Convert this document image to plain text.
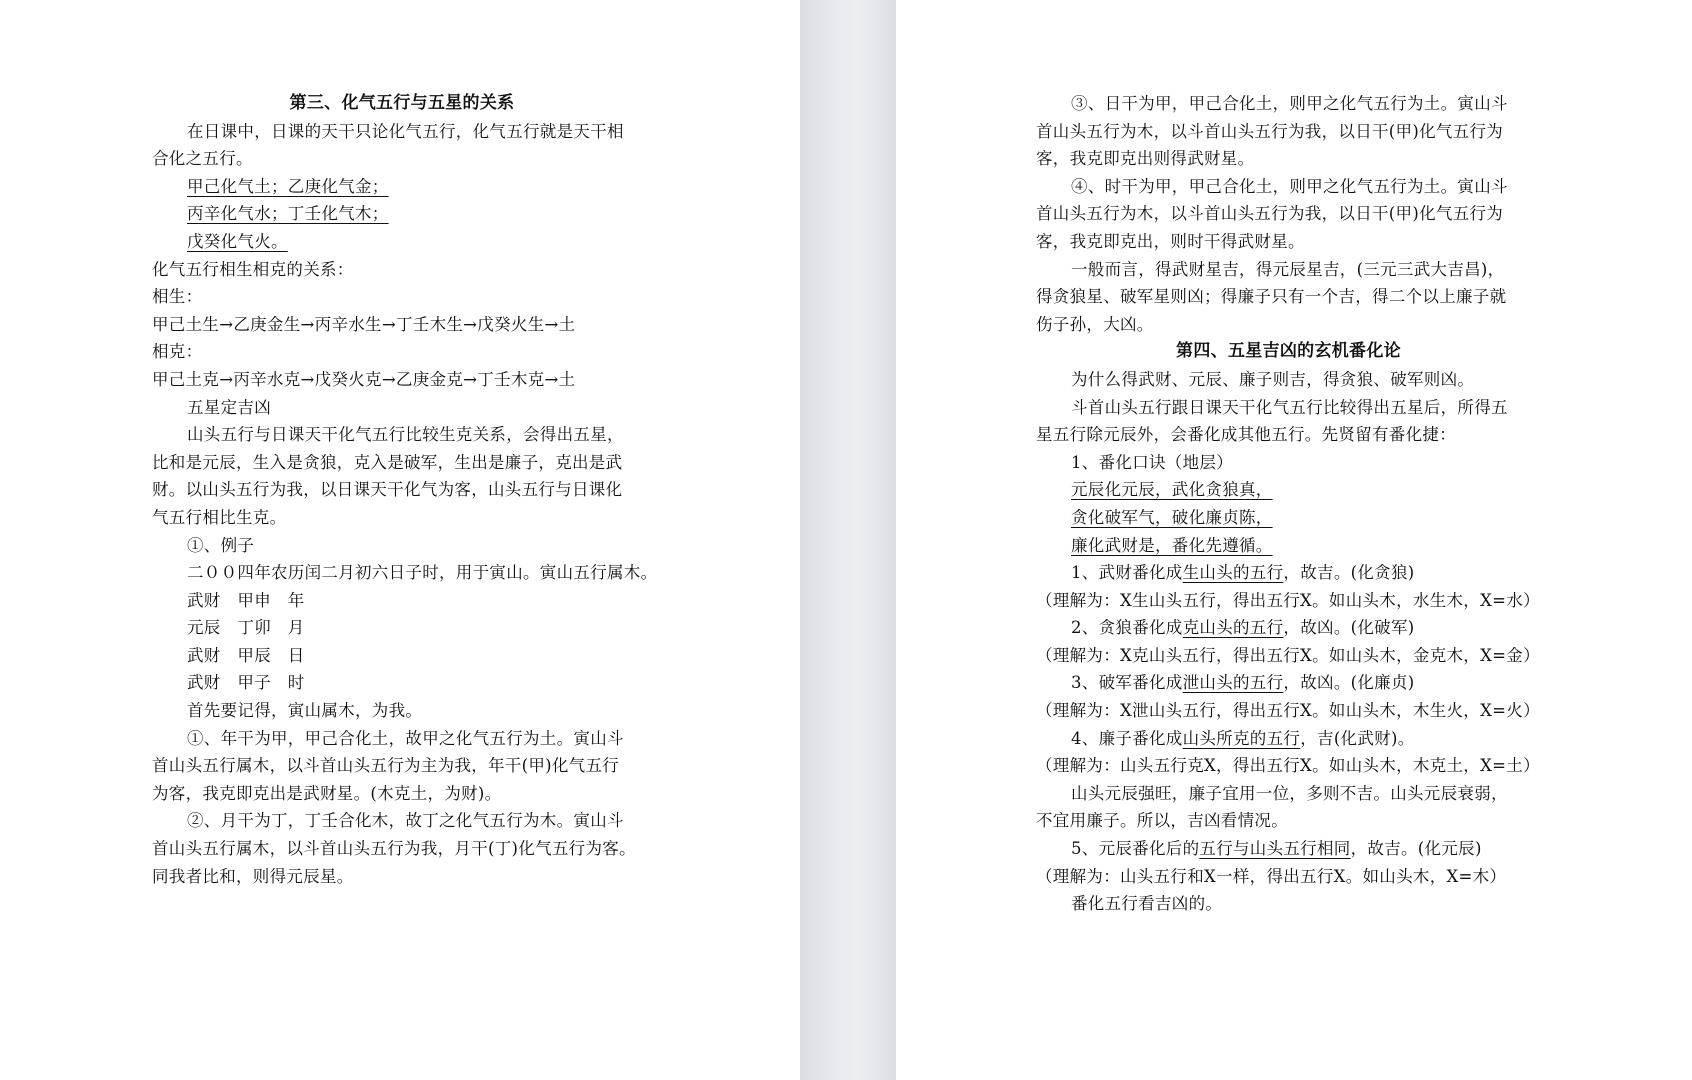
第三、化气五行与五星的关系
在日课中，日课的天干只论化气五行，化气五行就是天干相
合化之五行。
甲己化气土；乙庚化气金；
丙辛化气水；丁壬化气木；
戊癸化气火。
化气五行相生相克的关系：
相生：
甲己土生→乙庚金生→丙辛水生→丁壬木生→戊癸火生→土
相克：
甲己土克→丙辛水克→戊癸火克→乙庚金克→丁壬木克→土
五星定吉凶
山头五行与日课天干化气五行比较生克关系，会得出五星，
比和是元辰，生入是贪狼，克入是破军，生出是廉子，克出是武
财。以山头五行为我，以日课天干化气为客，山头五行与日课化
气五行相比生克。
①、例子
二００四年农历闰二月初六日子时，用于寅山。寅山五行属木。
武财　甲申　年
元辰　丁卯　月
武财　甲辰　日
武财　甲子　时
首先要记得，寅山属木，为我。
①、年干为甲，甲己合化土，故甲之化气五行为土。寅山斗
首山头五行属木，以斗首山头五行为主为我，年干(甲)化气五行
为客，我克即克出是武财星。(木克土，为财)。
②、月干为丁，丁壬合化木，故丁之化气五行为木。寅山斗
首山头五行属木，以斗首山头五行为我，月干(丁)化气五行为客。
同我者比和，则得元辰星。
③、日干为甲，甲己合化土，则甲之化气五行为土。寅山斗
首山头五行为木，以斗首山头五行为我，以日干(甲)化气五行为
客，我克即克出则得武财星。
④、时干为甲，甲己合化土，则甲之化气五行为土。寅山斗
首山头五行为木，以斗首山头五行为我，以日干(甲)化气五行为
客，我克即克出，则时干得武财星。
一般而言，得武财星吉，得元辰星吉，(三元三武大吉昌)，
得贪狼星、破军星则凶；得廉子只有一个吉，得二个以上廉子就
伤子孙，大凶。
第四、五星吉凶的玄机番化论
为什么得武财、元辰、廉子则吉，得贪狼、破军则凶。
斗首山头五行跟日课天干化气五行比较得出五星后，所得五
星五行除元辰外，会番化成其他五行。先贤留有番化捷：
1、番化口诀（地层）
元辰化元辰，武化贪狼真，
贪化破军气，破化廉贞陈，
廉化武财是，番化先遵循。
1、武财番化成生山头的五行，故吉。(化贪狼)
（理解为：X生山头五行，得出五行X。如山头木，水生木，X=水）
2、贪狼番化成克山头的五行，故凶。(化破军)
（理解为：X克山头五行，得出五行X。如山头木，金克木，X=金）
3、破军番化成泄山头的五行，故凶。(化廉贞)
（理解为：X泄山头五行，得出五行X。如山头木，木生火，X=火）
4、廉子番化成山头所克的五行，吉(化武财)。
（理解为：山头五行克X，得出五行X。如山头木，木克土，X=土）
山头元辰强旺，廉子宜用一位，多则不吉。山头元辰衰弱，
不宜用廉子。所以，吉凶看情况。
5、元辰番化后的五行与山头五行相同，故吉。(化元辰)
（理解为：山头五行和X一样，得出五行X。如山头木，X=木）
番化五行看吉凶的。
